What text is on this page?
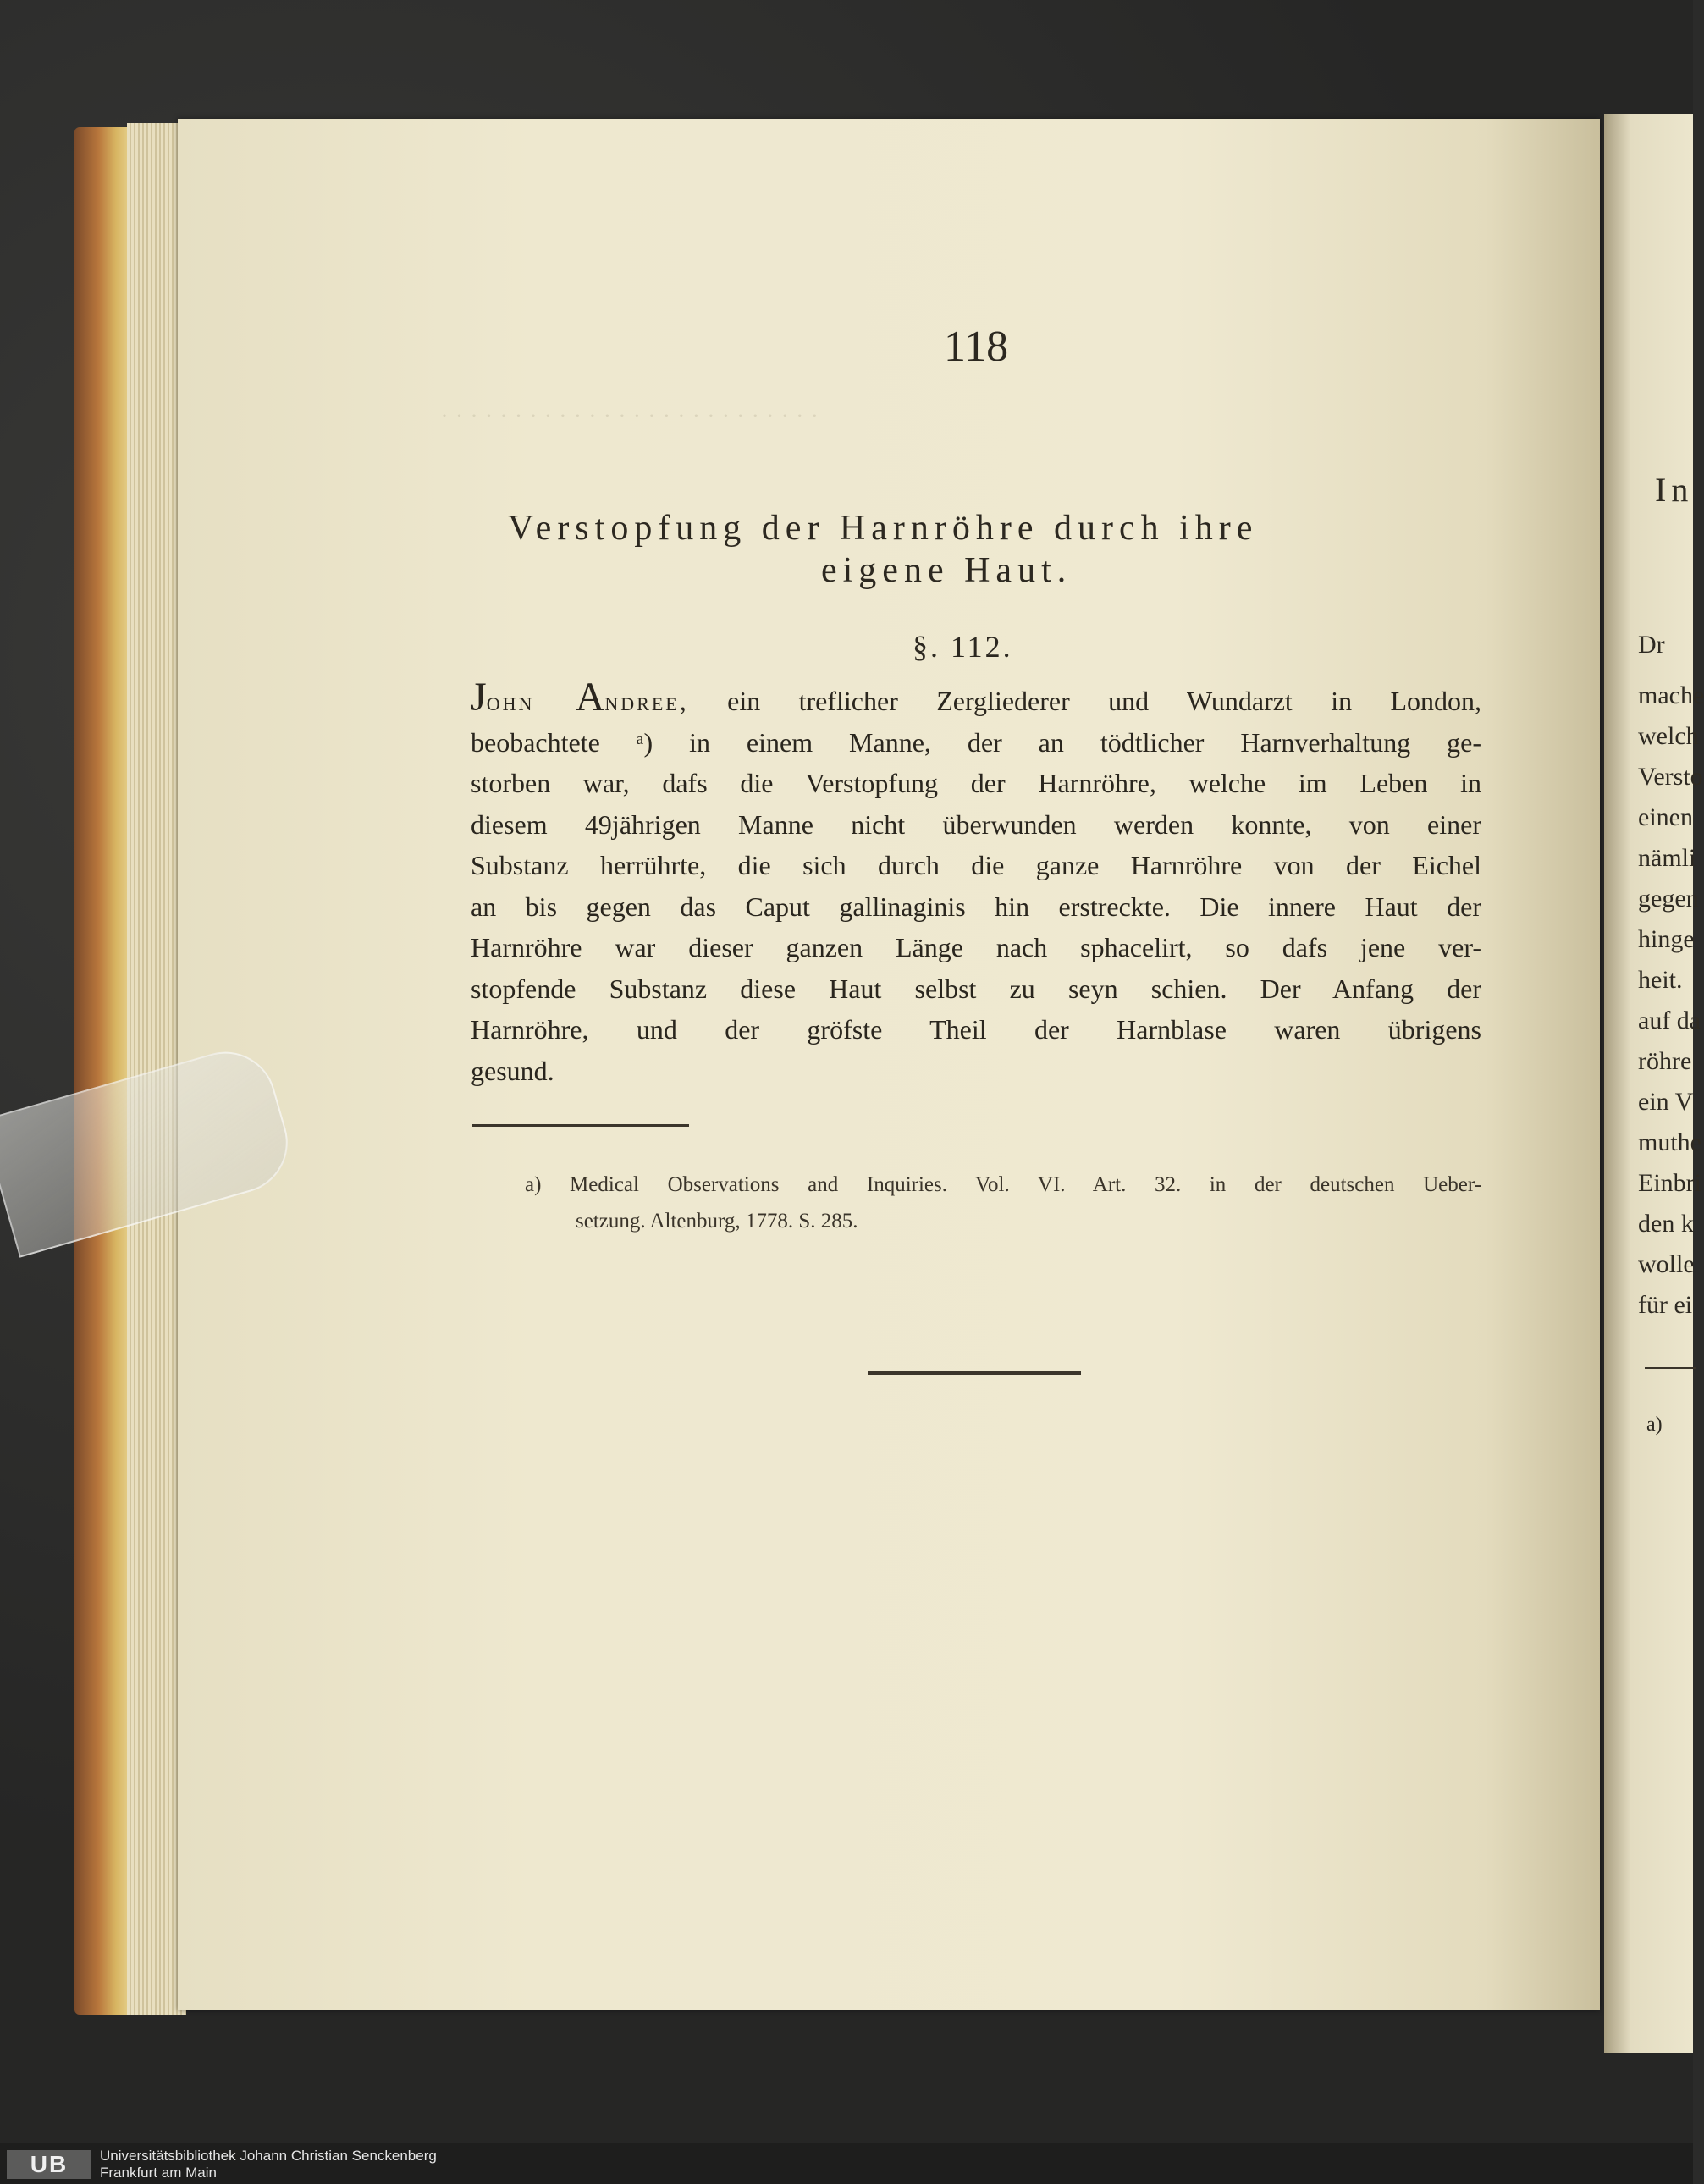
· · · · · · · · · · · · · · · · · · · · · · · · · ·
118
Verstopfung der Harnröhre durch ihre
eigene Haut.
§. 112.
John Andree, ein treflicher Zergliederer und Wundarzt in London,
beobachtete ᵃ) in einem Manne, der an tödtlicher Harnverhaltung ge-
storben war, dafs die Verstopfung der Harnröhre, welche im Leben in
diesem 49jährigen Manne nicht überwunden werden konnte, von einer
Substanz herrührte, die sich durch die ganze Harnröhre von der Eichel
an bis gegen das Caput gallinaginis hin erstreckte. Die innere Haut der
Harnröhre war dieser ganzen Länge nach sphacelirt, so dafs jene ver-
stopfende Substanz diese Haut selbst zu seyn schien. Der Anfang der
Harnröhre, und der gröfste Theil der Harnblase waren übrigens
gesund.
a) Medical Observations and Inquiries. Vol. VI. Art. 32. in der deutschen Ueber-
setzung. Altenburg, 1778. S. 285.
In
Dr
mache
welch
Versto
einen
nämli
gegen
hinge
heit.
auf da
röhre
ein V
muthe
Einbri
den k
wolle
für ei
a)
UB	Universitätsbibliothek Johann Christian Senckenberg
Frankfurt am Main
